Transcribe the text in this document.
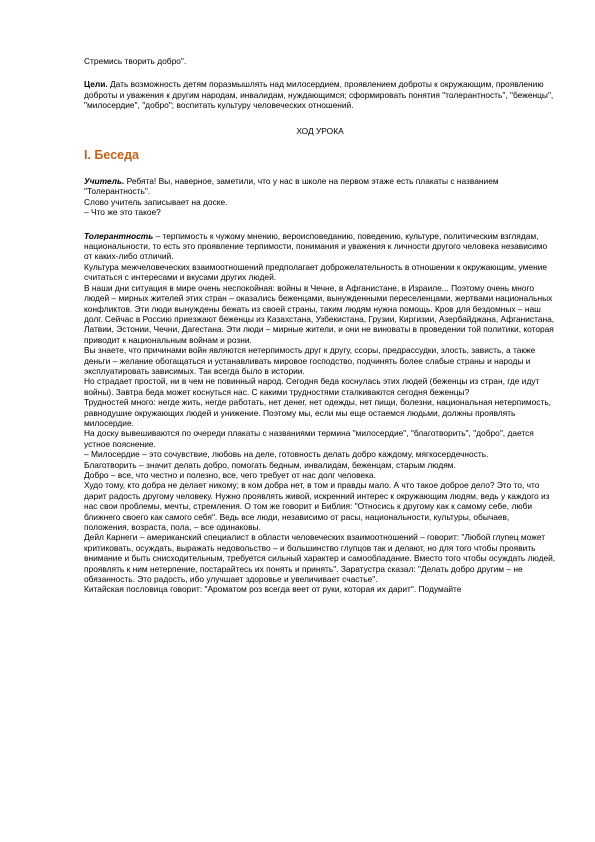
Стремись творить добро".

Цели. Дать возможность детям поразмышлять над милосердием, проявлением доброты к окружающим, проявлению доброты и уважения к другим народам, инвалидам, нуждающимся; сформировать понятия "толерантность", "беженцы", "милосердие", "добро"; воспитать культуру человеческих отношений.

ХОД УРОКА

I. Беседа

Учитель. Ребята! Вы, наверное, заметили, что у нас в школе на первом этаже есть плакаты с названием "Толерантность".

Слово учитель записывает на доске.

– Что же это такое?

Толерантность – терпимость к чужому мнению, вероисповеданию, поведению, культуре, политическим взглядам, национальности, то есть это проявление терпимости, понимания и уважения к личности другого человека независимо от каких-либо отличий.

Культура межчеловеческих взаимоотношений предполагает доброжелательность в отношении к окружающим, умение считаться с интересами и вкусами других людей.

В наши дни ситуация в мире очень неспокойная: войны в Чечне, в Афганистане, в Израиле... Поэтому очень много людей – мирных жителей этих стран – оказались беженцами, вынужденными переселенцами, жертвами национальных конфликтов. Эти люди вынуждены бежать из своей страны, таким людям нужна помощь. Кров для бездомных – наш долг. Сейчас в Россию приезжают беженцы из Казахстана, Узбекистана, Грузии, Киргизии, Азербайджана, Афганистана, Латвии, Эстонии, Чечни, Дагестана. Эти люди – мирные жители, и они не виноваты в проведении той политики, которая приводит к национальным войнам и розни.

Вы знаете, что причинами войн являются нетерпимость друг к другу, ссоры, предрассудки, злость, зависть, а также деньги – желание обогащаться и устанавливать мировое господство, подчинять более слабые страны и народы и эксплуатировать зависимых. Так всегда было в истории.

Но страдает простой, ни в чем не повинный народ. Сегодня беда коснулась этих людей (беженцы из стран, где идут войны). Завтра беда может коснуться нас. С какими трудностями сталкиваются сегодня беженцы?

Трудностей много: негде жить, негде работать, нет денег, нет одежды, нет пищи, болезни, национальная нетерпимость, равнодушие окружающих людей и унижение. Поэтому мы, если мы еще остаемся людьми, должны проявлять милосердие.

На доску вывешиваются по очереди плакаты с названиями термина "милосердие", "благотворить", "добро", дается устное пояснение.

– Милосердие – это сочувствие, любовь на деле, готовность делать добро каждому, мягкосердечность.

Благотворить – значит делать добро, помогать бедным, инвалидам, беженцам, старым людям.

Добро – все, что честно и полезно, все, чего требует от нас долг человека.

Худо тому, кто добра не делает никому; в ком добра нет, в том и правды мало. А что такое доброе дело? Это то, что дарит радость другому человеку. Нужно проявлять живой, искренний интерес к окружающим людям, ведь у каждого из нас свои проблемы, мечты, стремления. О том же говорит и Библия: "Относись к другому как к самому себе, люби ближнего своего как самого себя". Ведь все люди, независимо от расы, национальности, культуры, обычаев, положения, возраста, пола, – все одинаковы.

Дейл Карнеги – американский специалист в области человеческих взаимоотношений – говорит: "Любой глупец может критиковать, осуждать, выражать недовольство – и большинство глупцов так и делают, но для того чтобы проявить внимание и быть снисходительным, требуется сильный характер и самообладание. Вместо того чтобы осуждать людей, проявлять к ним нетерпение, постарайтесь их понять и принять". Заратустра сказал: "Делать добро другим – не обязанность. Это радость, ибо улучшает здоровье и увеличивает счастье".

Китайская пословица говорит: "Ароматом роз всегда веет от руки, которая их дарит". Подумайте
